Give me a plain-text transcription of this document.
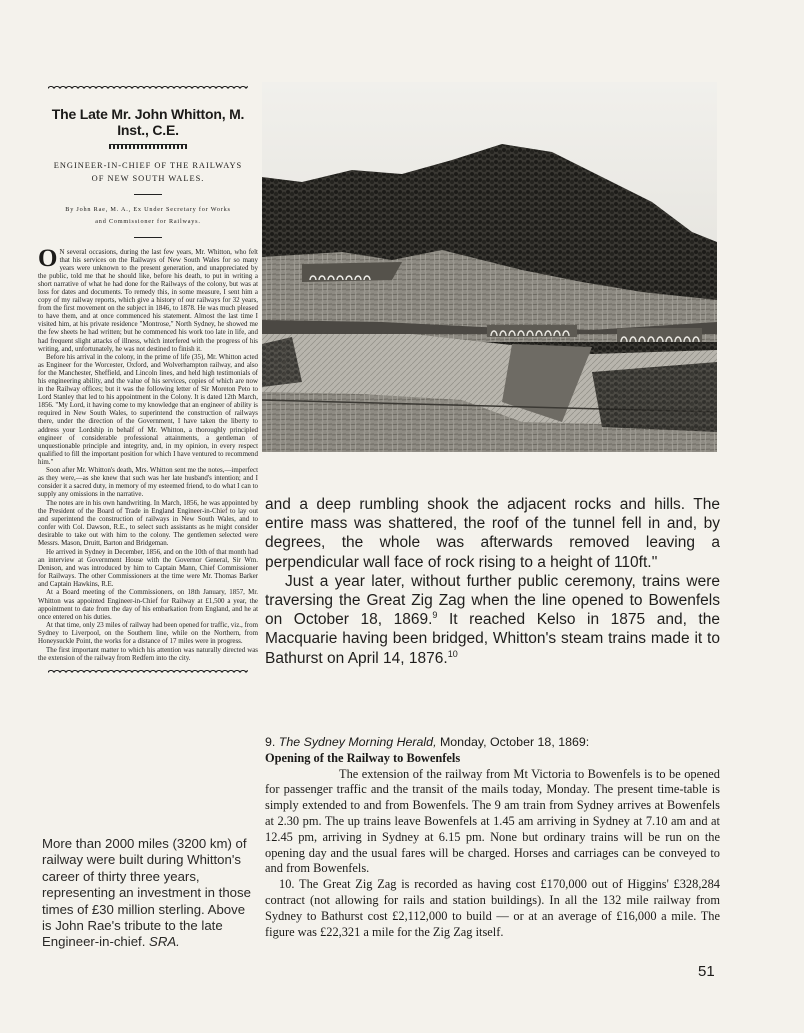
The Late Mr. John Whitton, M. Inst., C.E.
ENGINEER-IN-CHIEF OF THE RAILWAYS
OF NEW SOUTH WALES.
By John Rae, M. A., Ex Under Secretary for Works
and Commissioner for Railways.

O N several occasions, during the last few years, Mr. Whitton, who felt that his services on the Railways of New South Wales for so many years were unknown to the present generation, and unappreciated by the public, told me that he should like, before his death, to put in writing a short narrative of what he had done for the Railways of the colony, but was at loss for dates and documents. To remedy this, in some measure, I sent him a copy of my railway reports, which give a history of our railways for 32 years, from the first movement on the subject in 1846, to 1878. He was much pleased to have them, and at once commenced his statement. Almost the last time I visited him, at his private residence "Montrose," North Sydney, he showed me the few sheets he had written; but he commenced his work too late in life, and had frequent slight attacks of illness, which interfered with the progress of his writing, and, unfortunately, he was not destined to finish it.

Before his arrival in the colony, in the prime of life (35), Mr. Whitton acted as Engineer for the Worcester, Oxford, and Wolverhampton railway, and also for the Manchester, Sheffield, and Lincoln lines, and held high testimonials of his engineering ability, and the value of his services, copies of which are now in the Railway offices; but it was the following letter of Sir Moreton Peto to Lord Stanley that led to his appointment in the Colony. It is dated 12th March, 1856. "My Lord, it having come to my knowledge that an engineer of ability is required in New South Wales, to superintend the construction of railways there, under the direction of the Government, I have taken the liberty to address your Lordship in behalf of Mr. Whitton, a thoroughly principled engineer of considerable professional attainments, a gentleman of unquestionable principle and integrity, and, in my opinion, in every respect qualified to fill the important position for which I have ventured to recommend him."

Soon after Mr. Whitton's death, Mrs. Whitton sent me the notes,—imperfect as they were,—as she knew that such was her late husband's intention; and I consider it a sacred duty, in memory of my esteemed friend, to do what I can to supply any omissions in the narrative.

The notes are in his own handwriting. In March, 1856, he was appointed by the President of the Board of Trade in England Engineer-in-Chief to lay out and superintend the construction of railways in New South Wales, and to confer with Col. Dawson, R.E., to select such assistants as he might consider desirable to take out with him to the colony. The gentlemen selected were Messrs. Mason, Druitt, Barton and Bridgeman.

He arrived in Sydney in December, 1856, and on the 10th of that month had an interview at Government House with the Governor General, Sir Wm. Denison, and was introduced by him to Captain Mann, Chief Commissioner for Railways. The other Commissioners at the time were Mr. Thomas Barker and Captain Hawkins, R.E.

At a Board meeting of the Commissioners, on 18th January, 1857, Mr. Whitton was appointed Engineer-in-Chief for Railway at £1,500 a year, the appointment to date from the day of his embarkation from England, and he at once entered on his duties.

At that time, only 23 miles of railway had been opened for traffic, viz., from Sydney to Liverpool, on the Southern line, while on the Northern, from Honeysuckle Point, the works for a distance of 17 miles were in progress.

The first important matter to which his attention was naturally directed was the extension of the railway from Redfern into the city.

More than 2000 miles (3200 km) of railway were built during Whitton's career of thirty three years, representing an investment in those times of £30 million sterling. Above is John Rae's tribute to the late Engineer-in-chief. SRA.

and a deep rumbling shook the adjacent rocks and hills. The entire mass was shattered, the roof of the tunnel fell in and, by degrees, the whole was afterwards removed leaving a perpendicular wall face of rock rising to a height of 110ft.''

Just a year later, without further public ceremony, trains were traversing the Great Zig Zag when the line opened to Bowenfels on October 18, 1869.$^9$ It reached Kelso in 1875 and, the Macquarie having been bridged, Whitton's steam trains made it to Bathurst on April 14, 1876.10

9. The Sydney Morning Herald, Monday, October 18, 1869:

Opening of the Railway to Bowenfels

The extension of the railway from Mt Victoria to Bowenfels is to be opened for passenger traffic and the transit of the mails today, Monday. The present time-table is simply extended to and from Bowenfels. The 9 am train from Sydney arrives at Bowenfels at 2.30 pm. The up trains leave Bowenfels at 1.45 am arriving in Sydney at 7.10 am and at 12.45 pm, arriving in Sydney at 6.15 pm. None but ordinary trains will be run on the opening day and the usual fares will be charged. Horses and carriages can be conveyed to and from Bowenfels.

10. The Great Zig Zag is recorded as having cost £170,000 out of Higgins' £328,284 contract (not allowing for rails and station buildings). In all the 132 mile railway from Sydney to Bathurst cost £2,112,000 to build — or at an average of £16,000 a mile. The figure was £22,321 a mile for the Zig Zag itself.

51
